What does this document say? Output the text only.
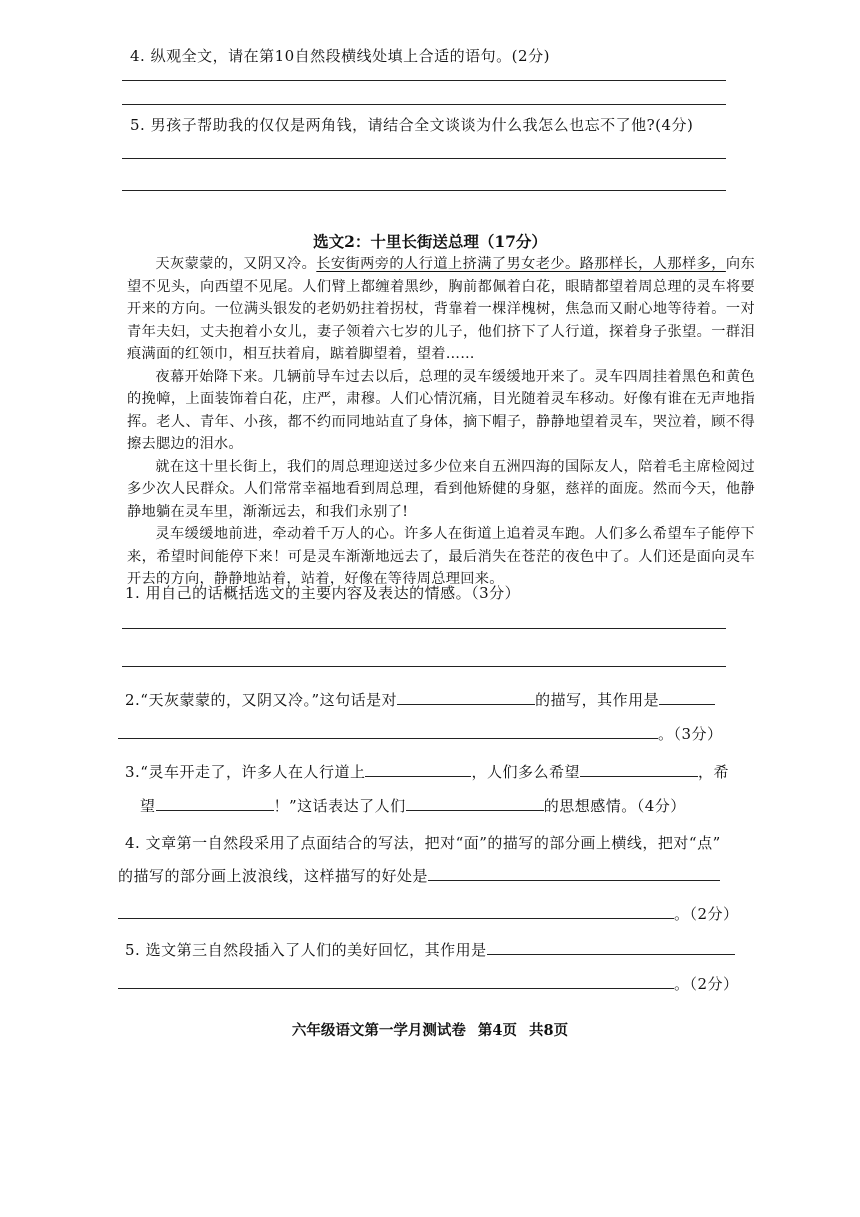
4. 纵观全文，请在第10自然段横线处填上合适的语句。(2分)
5. 男孩子帮助我的仅仅是两角钱，请结合全文谈谈为什么我怎么也忘不了他?(4分)
选文2：十里长街送总理（17分）

天灰蒙蒙的，又阴又冷。长安街两旁的人行道上挤满了男女老少。路那样长，人那样多，向东望不见头，向西望不见尾。人们臂上都缠着黑纱，胸前都佩着白花，眼睛都望着周总理的灵车将要开来的方向。一位满头银发的老奶奶拄着拐杖，背靠着一棵洋槐树，焦急而又耐心地等待着。一对青年夫妇，丈夫抱着小女儿，妻子领着六七岁的儿子，他们挤下了人行道，探着身子张望。一群泪痕满面的红领巾，相互扶着肩，踮着脚望着，望着……

夜幕开始降下来。几辆前导车过去以后，总理的灵车缓缓地开来了。灵车四周挂着黑色和黄色的挽幛，上面装饰着白花，庄严，肃穆。人们心情沉痛，目光随着灵车移动。好像有谁在无声地指挥。老人、青年、小孩，都不约而同地站直了身体，摘下帽子，静静地望着灵车，哭泣着，顾不得擦去腮边的泪水。

就在这十里长街上，我们的周总理迎送过多少位来自五洲四海的国际友人，陪着毛主席检阅过多少次人民群众。人们常常幸福地看到周总理，看到他矫健的身躯，慈祥的面庞。然而今天，他静静地躺在灵车里，渐渐远去，和我们永别了!

灵车缓缓地前进，牵动着千万人的心。许多人在街道上追着灵车跑。人们多么希望车子能停下来，希望时间能停下来！可是灵车渐渐地远去了，最后消失在苍茫的夜色中了。人们还是面向灵车开去的方向，静静地站着，站着，好像在等待周总理回来。

1. 用自己的话概括选文的主要内容及表达的情感。（3分）
2.“天灰蒙蒙的，又阴又冷。”这句话是对	的描写，其作用是
。（3分）
3.“灵车开走了，许多人在人行道上	，人们多么希望	，希
望	！”这话表达了人们	的思想感情。（4分）
4. 文章第一自然段采用了点面结合的写法，把对“面”的描写的部分画上横线，把对“点”
的描写的部分画上波浪线，这样描写的好处是
。（2分）
5. 选文第三自然段插入了人们的美好回忆，其作用是
。（2分）
六年级语文第一学月测试卷 第4页 共8页
